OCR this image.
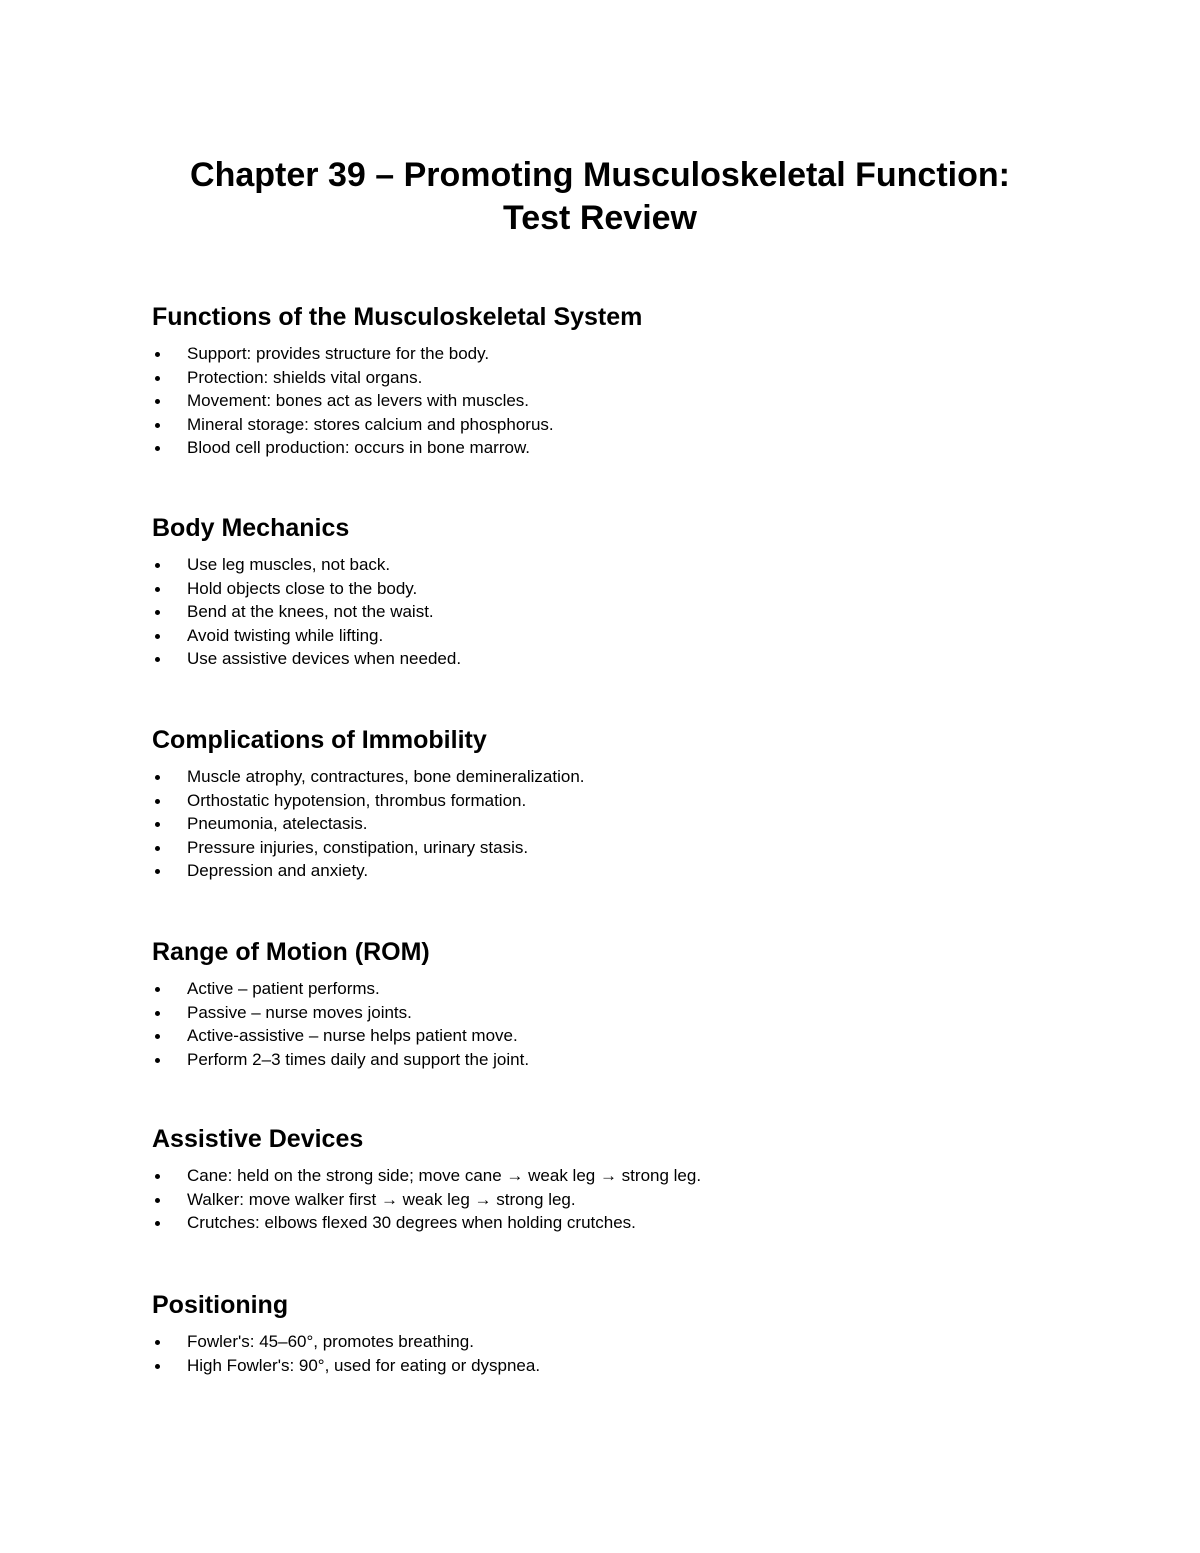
Chapter 39 – Promoting Musculoskeletal Function:
Test Review
Functions of the Musculoskeletal System
Support: provides structure for the body.
Protection: shields vital organs.
Movement: bones act as levers with muscles.
Mineral storage: stores calcium and phosphorus.
Blood cell production: occurs in bone marrow.
Body Mechanics
Use leg muscles, not back.
Hold objects close to the body.
Bend at the knees, not the waist.
Avoid twisting while lifting.
Use assistive devices when needed.
Complications of Immobility
Muscle atrophy, contractures, bone demineralization.
Orthostatic hypotension, thrombus formation.
Pneumonia, atelectasis.
Pressure injuries, constipation, urinary stasis.
Depression and anxiety.
Range of Motion (ROM)
Active – patient performs.
Passive – nurse moves joints.
Active-assistive – nurse helps patient move.
Perform 2–3 times daily and support the joint.
Assistive Devices
Cane: held on the strong side; move cane → weak leg → strong leg.
Walker: move walker first → weak leg → strong leg.
Crutches: elbows flexed 30 degrees when holding crutches.
Positioning
Fowler's: 45–60°, promotes breathing.
High Fowler's: 90°, used for eating or dyspnea.
